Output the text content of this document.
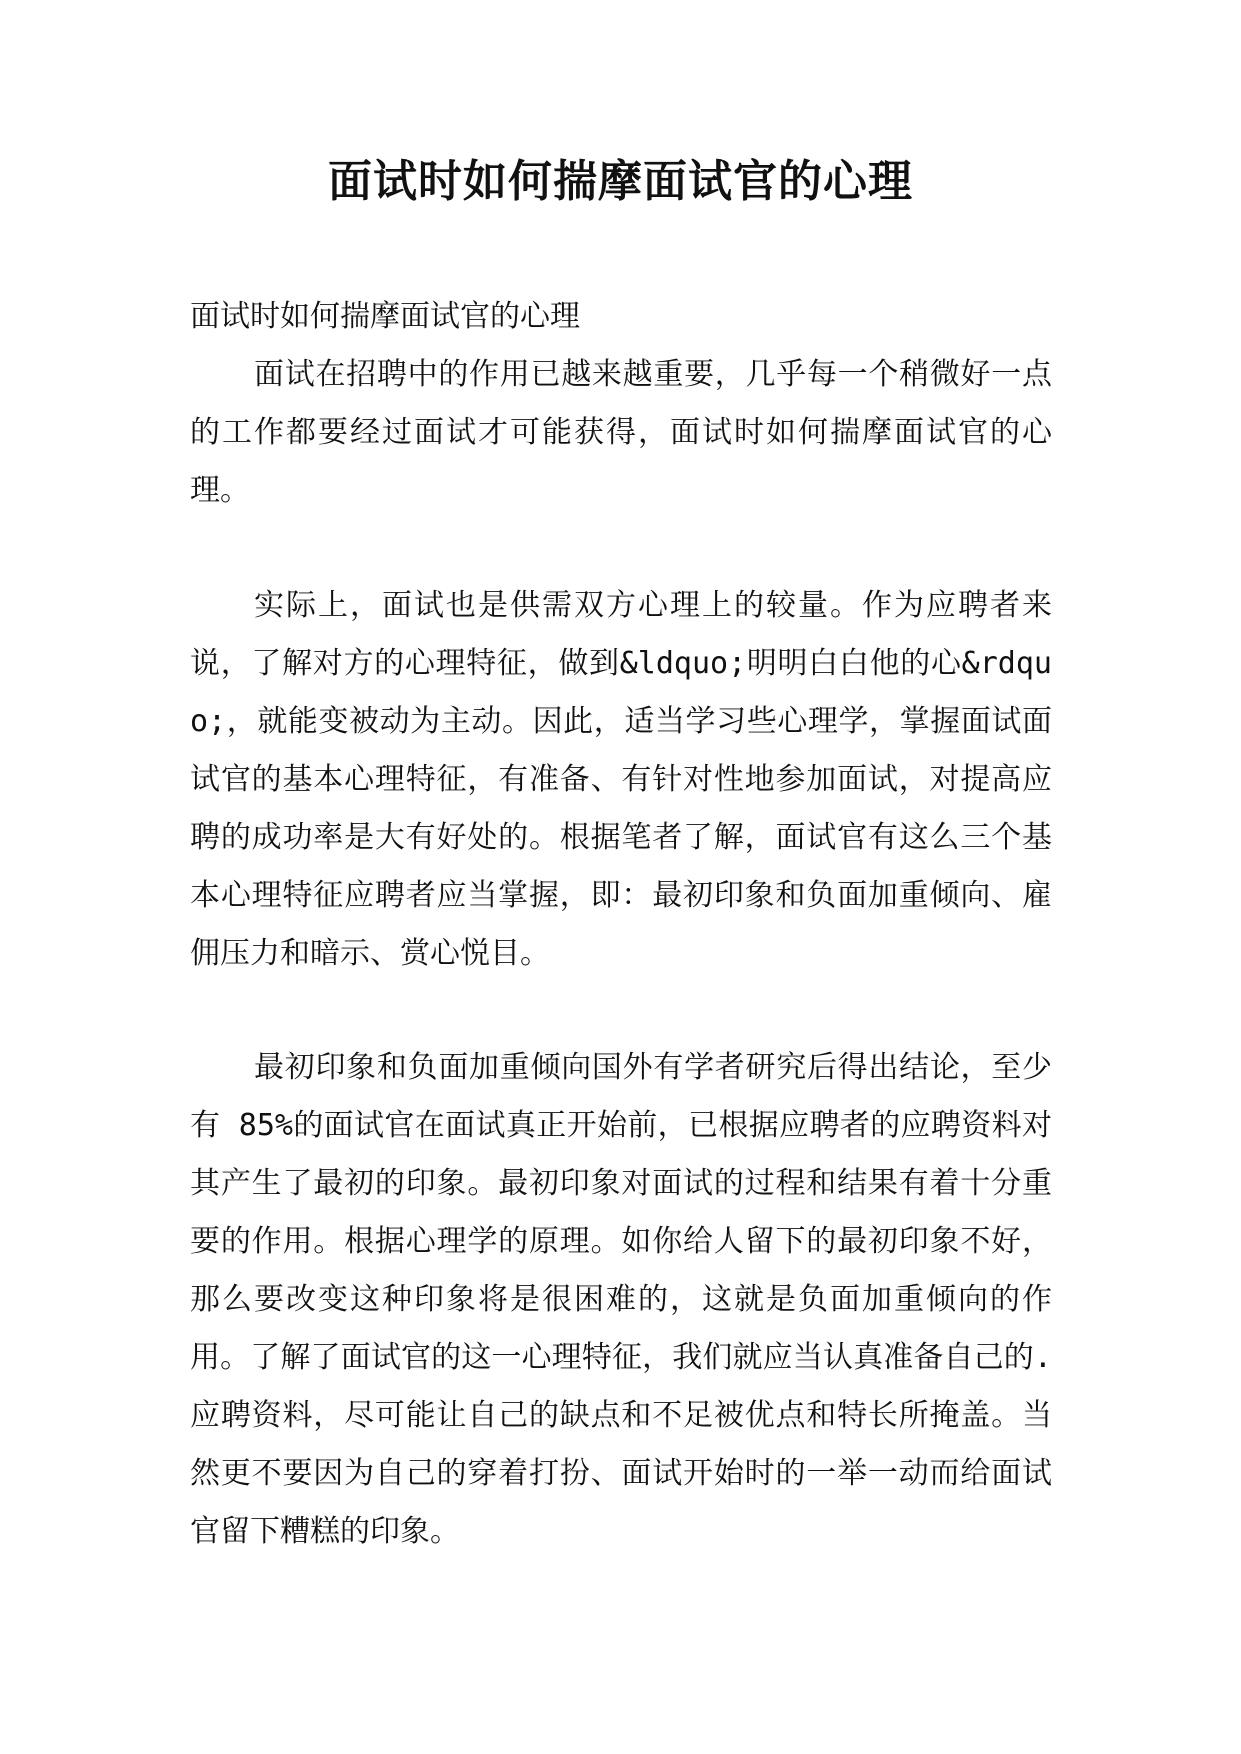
面试时如何揣摩面试官的心理

面试时如何揣摩面试官的心理

面试在招聘中的作用已越来越重要，几乎每一个稍微好一点的工作都要经过面试才可能获得，面试时如何揣摩面试官的心理。

实际上，面试也是供需双方心理上的较量。作为应聘者来说，了解对方的心理特征，做到&ldquo;明明白白他的心&rdquo;，就能变被动为主动。因此，适当学习些心理学，掌握面试面试官的基本心理特征，有准备、有针对性地参加面试，对提高应聘的成功率是大有好处的。根据笔者了解，面试官有这么三个基本心理特征应聘者应当掌握，即：最初印象和负面加重倾向、雇佣压力和暗示、赏心悦目。

最初印象和负面加重倾向国外有学者研究后得出结论，至少有 85%的面试官在面试真正开始前，已根据应聘者的应聘资料对其产生了最初的印象。最初印象对面试的过程和结果有着十分重要的作用。根据心理学的原理。如你给人留下的最初印象不好，那么要改变这种印象将是很困难的，这就是负面加重倾向的作用。了解了面试官的这一心理特征，我们就应当认真准备自己的.应聘资料，尽可能让自己的缺点和不足被优点和特长所掩盖。当然更不要因为自己的穿着打扮、面试开始时的一举一动而给面试官留下糟糕的印象。
